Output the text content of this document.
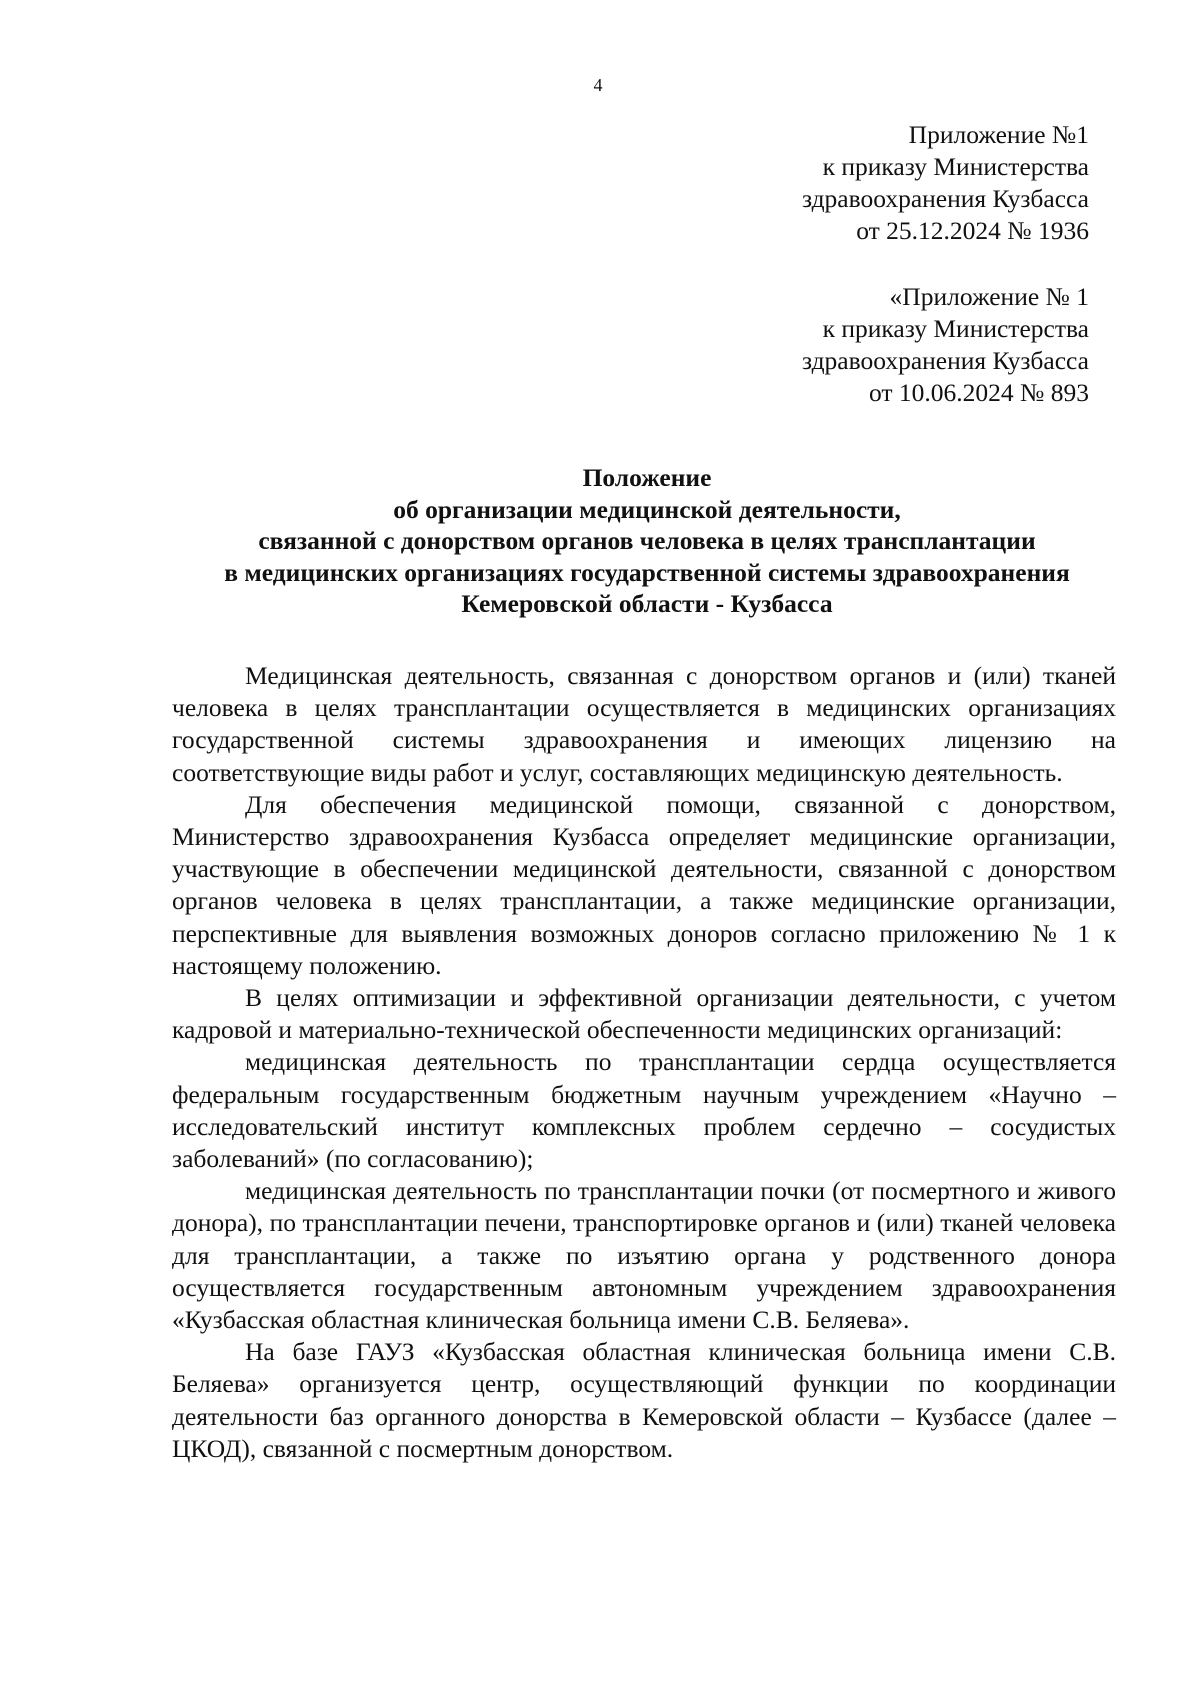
4
Приложение №1
к приказу Министерства
здравоохранения Кузбасса
от 25.12.2024 № 1936
«Приложение № 1
к приказу Министерства
здравоохранения Кузбасса
от 10.06.2024 № 893
Положение
об организации медицинской деятельности,
связанной с донорством органов человека в целях трансплантации
в медицинских организациях государственной системы здравоохранения
Кемеровской области - Кузбасса

Медицинская деятельность, связанная с донорством органов и (или) тканей человека в целях трансплантации осуществляется в медицинских организациях государственной системы здравоохранения и имеющих лицензию на соответствующие виды работ и услуг, составляющих медицинскую деятельность.

Для обеспечения медицинской помощи, связанной с донорством, Министерство здравоохранения Кузбасса определяет медицинские организации, участвующие в обеспечении медицинской деятельности, связанной с донорством органов человека в целях трансплантации, а также медицинские организации, перспективные для выявления возможных доноров согласно приложению № 1 к настоящему положению.

В целях оптимизации и эффективной организации деятельности, с учетом кадровой и материально-технической обеспеченности медицинских организаций:

медицинская деятельность по трансплантации сердца осуществляется федеральным государственным бюджетным научным учреждением «Научно – исследовательский институт комплексных проблем сердечно – сосудистых заболеваний» (по согласованию);

медицинская деятельность по трансплантации почки (от посмертного и живого донора), по трансплантации печени, транспортировке органов и (или) тканей человека для трансплантации, а также по изъятию органа у родственного донора осуществляется государственным автономным учреждением здравоохранения «Кузбасская областная клиническая больница имени С.В. Беляева».

На базе ГАУЗ «Кузбасская областная клиническая больница имени С.В. Беляева» организуется центр, осуществляющий функции по координации деятельности баз органного донорства в Кемеровской области – Кузбассе (далее – ЦКОД), связанной с посмертным донорством.
